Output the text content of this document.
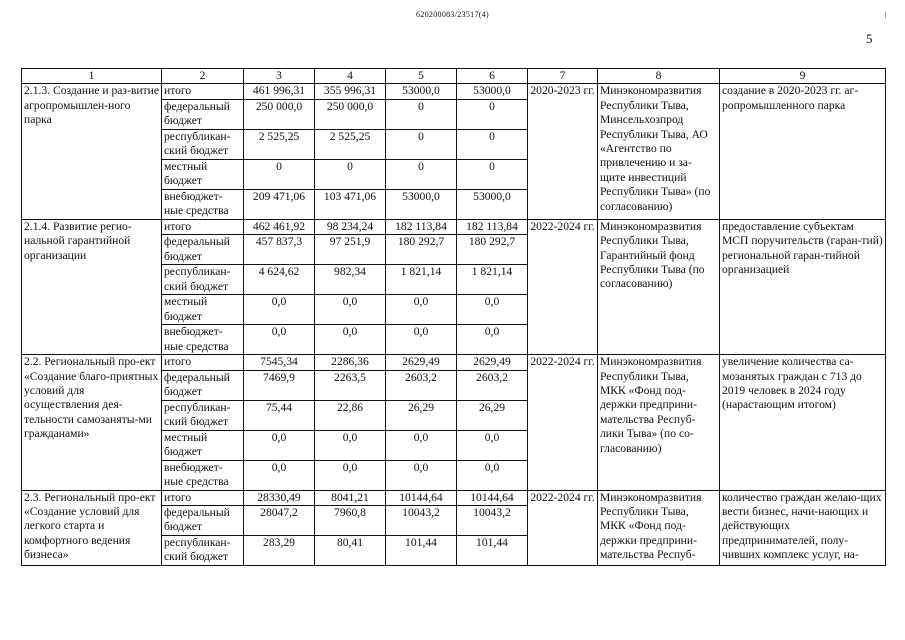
620200083/23517(4)	⁝
5
1	2	3	4	5	6	7	8	9
2.1.3. Создание и раз-витие агропромышлен-ного парка	итого	461 996,31	355 996,31	53000,0	53000,0	2020-2023 гг.	Минэкономразвития Республики Тыва, Минсельхозпрод Республики Тыва, АО «Агентство по привлечению и за-щите инвестиций Республики Тыва» (по согласованию)	создание в 2020-2023 гг. аг-ропромышленного парка
	федеральный бюджет	250 000,0	250 000,0	0	0			
	республикан-ский бюджет	2 525,25	2 525,25	0	0			
	местный бюджет	0	0	0	0			
	внебюджет-ные средства	209 471,06	103 471,06	53000,0	53000,0			
2.1.4. Развитие регио-нальной гарантийной организации	итого	462 461,92	98 234,24	182 113,84	182 113,84	2022-2024 гг.	Минэкономразвития Республики Тыва, Гарантийный фонд Республики Тыва (по согласованию)	предоставление субъектам МСП поручительств (гаран-тий) региональной гаран-тийной организацией
	федеральный бюджет	457 837,3	97 251,9	180 292,7	180 292,7			
	республикан-ский бюджет	4 624,62	982,34	1 821,14	1 821,14			
	местный бюджет	0,0	0,0	0,0	0,0			
	внебюджет-ные средства	0,0	0,0	0,0	0,0			
2.2. Региональный про-ект «Создание благо-приятных условий для осуществления дея-тельности самозаняты-ми гражданами»	итого	7545,34	2286,36	2629,49	2629,49	2022-2024 гг.	Минэкономразвития Республики Тыва, МКК «Фонд под-держки предприни-мательства Респуб-лики Тыва» (по со-гласованию)	увеличение количества са-мозанятых граждан с 713 до 2019 человек в 2024 году (нарастающим итогом)
	федеральный бюджет	7469,9	2263,5	2603,2	2603,2			
	республикан-ский бюджет	75,44	22,86	26,29	26,29			
	местный бюджет	0,0	0,0	0,0	0,0			
	внебюджет-ные средства	0,0	0,0	0,0	0,0			
2.3. Региональный про-ект «Создание условий для легкого старта и комфортного ведения бизнеса»	итого	28330,49	8041,21	10144,64	10144,64	2022-2024 гг.	Минэкономразвития Республики Тыва, МКК «Фонд под-держки предприни-мательства Респуб-	количество граждан желаю-щих вести бизнес, начи-нающих и действующих предпринимателей, полу-чивших комплекс услуг, на-
	федеральный бюджет	28047,2	7960,8	10043,2	10043,2			
	республикан-ский бюджет	283,29	80,41	101,44	101,44			
